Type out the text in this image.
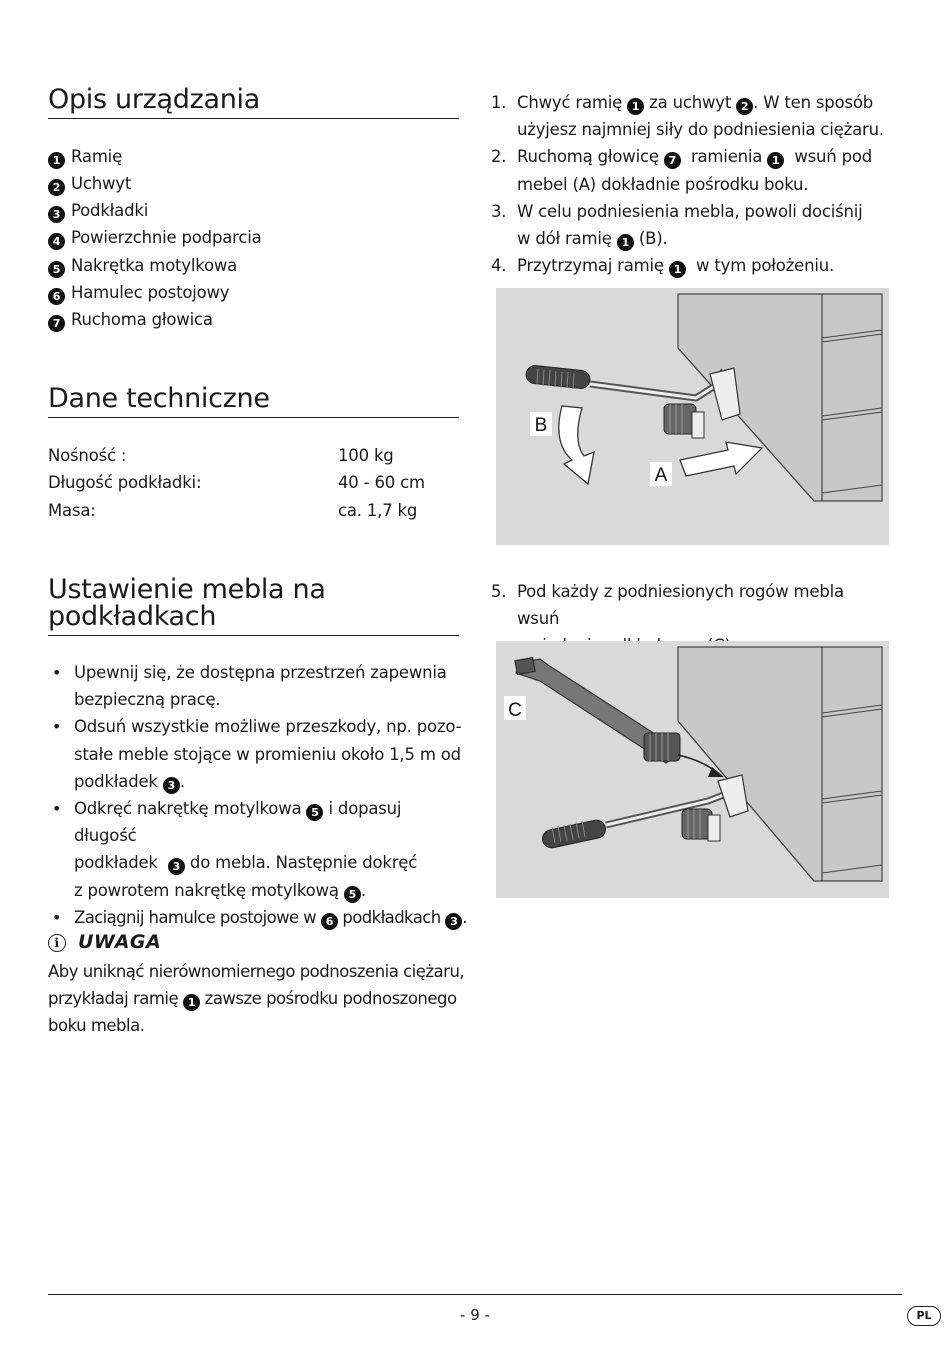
Opis urządzania
1 Ramię
2 Uchwyt
3 Podkładki
4 Powierzchnie podparcia
5 Nakrętka motylkowa
6 Hamulec postojowy
7 Ruchoma głowica
Dane techniczne
Nośność :	100 kg
Długość podkładki:	40 - 60 cm
Masa:	ca. 1,7 kg
Ustawienie mebla na
podkładkach
• Upewnij się, że dostępna przestrzeń zapewnia bezpieczną pracę.
• Odsuń wszystkie możliwe przeszkody, np. pozo-
stałe meble stojące w promieniu około 1,5 m od
podkładek 3 .
• Odkręć nakrętkę motylkowa 5 i dopasuj długość
podkładek 3 do mebla. Następnie dokręć
z powrotem nakrętkę motylkową 5 .
• Zaciągnij hamulce postojowe w 6 podkładkach 3 .
i UWAGA
Aby uniknąć nierównomiernego podnoszenia ciężaru,
przykładaj ramię 1 zawsze pośrodku podnoszonego
boku mebla.
1. Chwyć ramię 1 za uchwyt 2 . W ten sposób
użyjesz najmniej siły do podniesienia ciężaru.
2. Ruchomą głowicę 7 ramienia 1 wsuń pod
mebel (A) dokładnie pośrodku boku.
3. W celu podniesienia mebla, powoli dociśnij
w dół ramię 1 (B).
4. Przytrzymaj ramię 1 w tym położeniu.
B
A
5. Pod każdy z podniesionych rogów mebla wsuń

C
- 9 -	PL
